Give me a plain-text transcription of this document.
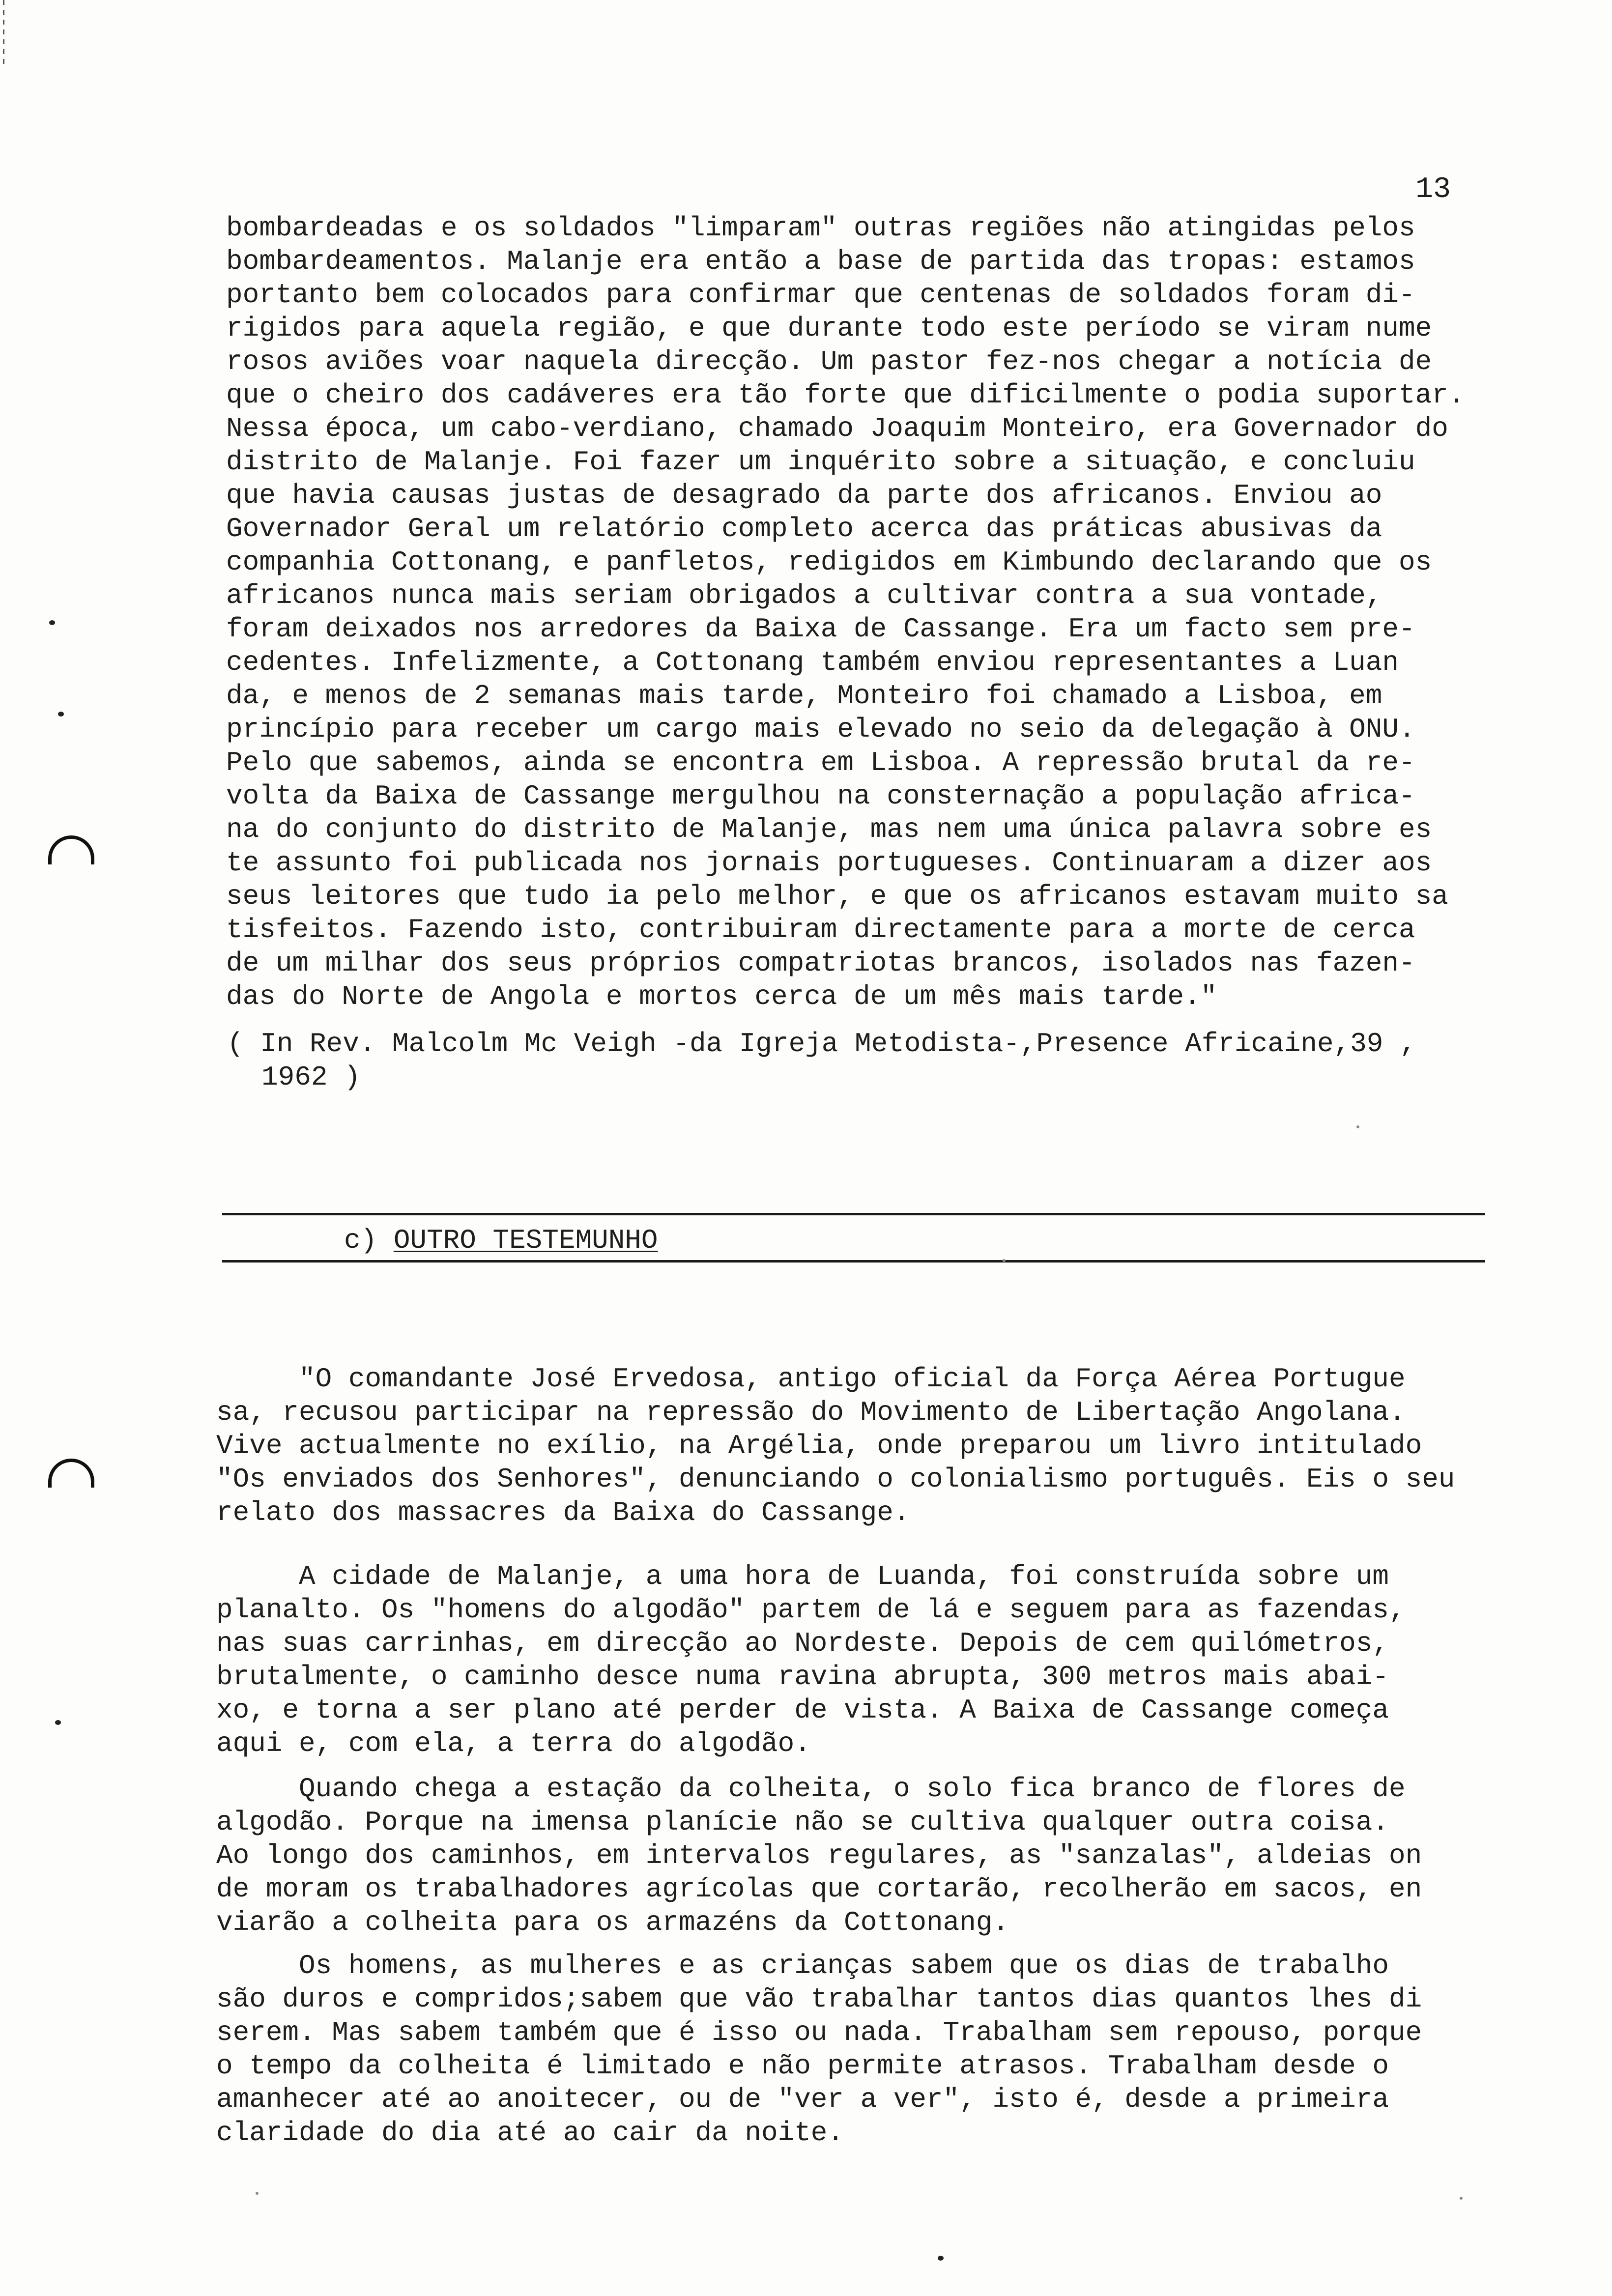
13
bombardeadas e os soldados "limparam" outras regiões não atingidas pelos
bombardeamentos. Malanje era então a base de partida das tropas: estamos
portanto bem colocados para confirmar que centenas de soldados foram di-
rigidos para aquela região, e que durante todo este período se viram nume
rosos aviões voar naquela direcção. Um pastor fez-nos chegar a notícia de
que o cheiro dos cadáveres era tão forte que dificilmente o podia suportar.
Nessa época, um cabo-verdiano, chamado Joaquim Monteiro, era Governador do
distrito de Malanje. Foi fazer um inquérito sobre a situação, e concluiu
que havia causas justas de desagrado da parte dos africanos. Enviou ao
Governador Geral um relatório completo acerca das práticas abusivas da
companhia Cottonang, e panfletos, redigidos em Kimbundo declarando que os
africanos nunca mais seriam obrigados a cultivar contra a sua vontade,
foram deixados nos arredores da Baixa de Cassange. Era um facto sem pre-
cedentes. Infelizmente, a Cottonang também enviou representantes a Luan
da, e menos de 2 semanas mais tarde, Monteiro foi chamado a Lisboa, em
princípio para receber um cargo mais elevado no seio da delegação à ONU.
Pelo que sabemos, ainda se encontra em Lisboa. A repressão brutal da re-
volta da Baixa de Cassange mergulhou na consternação a população africa-
na do conjunto do distrito de Malanje, mas nem uma única palavra sobre es
te assunto foi publicada nos jornais portugueses. Continuaram a dizer aos
seus leitores que tudo ia pelo melhor, e que os africanos estavam muito sa
tisfeitos. Fazendo isto, contribuiram directamente para a morte de cerca
de um milhar dos seus próprios compatriotas brancos, isolados nas fazen-
das do Norte de Angola e mortos cerca de um mês mais tarde."
( In Rev. Malcolm Mc Veigh -da Igreja Metodista-,Presence Africaine,39 ,
1962 )
c) OUTRO TESTEMUNHO
"O comandante José Ervedosa, antigo oficial da Força Aérea Portugue
sa, recusou participar na repressão do Movimento de Libertação Angolana.
Vive actualmente no exílio, na Argélia, onde preparou um livro intitulado
"Os enviados dos Senhores", denunciando o colonialismo português. Eis o seu
relato dos massacres da Baixa do Cassange.
A cidade de Malanje, a uma hora de Luanda, foi construída sobre um
planalto. Os "homens do algodão" partem de lá e seguem para as fazendas,
nas suas carrinhas, em direcção ao Nordeste. Depois de cem quilómetros,
brutalmente, o caminho desce numa ravina abrupta, 300 metros mais abai-
xo, e torna a ser plano até perder de vista. A Baixa de Cassange começa
aqui e, com ela, a terra do algodão.
Quando chega a estação da colheita, o solo fica branco de flores de
algodão. Porque na imensa planície não se cultiva qualquer outra coisa.
Ao longo dos caminhos, em intervalos regulares, as "sanzalas", aldeias on
de moram os trabalhadores agrícolas que cortarão, recolherão em sacos, en
viarão a colheita para os armazéns da Cottonang.
Os homens, as mulheres e as crianças sabem que os dias de trabalho
são duros e compridos;sabem que vão trabalhar tantos dias quantos lhes di
serem. Mas sabem também que é isso ou nada. Trabalham sem repouso, porque
o tempo da colheita é limitado e não permite atrasos. Trabalham desde o
amanhecer até ao anoitecer, ou de "ver a ver", isto é, desde a primeira
claridade do dia até ao cair da noite.
